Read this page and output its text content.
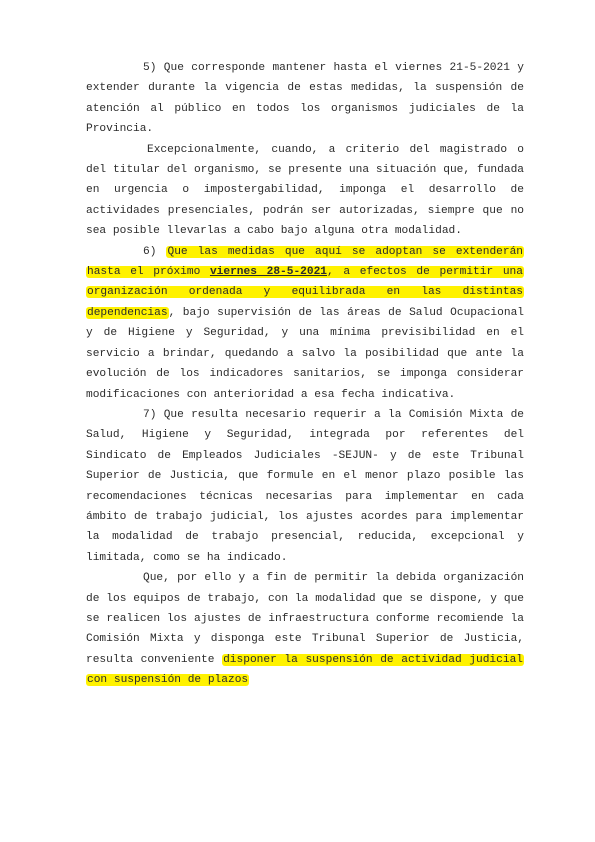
5) Que corresponde mantener hasta el viernes 21-5-2021 y extender durante la vigencia de estas medidas, la suspensión de atención al público en todos los organismos judiciales de la Provincia.

Excepcionalmente, cuando, a criterio del magistrado o del titular del organismo, se presente una situación que, fundada en urgencia o impostergabilidad, imponga el desarrollo de actividades presenciales, podrán ser autorizadas, siempre que no sea posible llevarlas a cabo bajo alguna otra modalidad.

6) Que las medidas que aquí se adoptan se extenderán hasta el próximo viernes 28-5-2021, a efectos de permitir una organización ordenada y equilibrada en las distintas dependencias, bajo supervisión de las áreas de Salud Ocupacional y de Higiene y Seguridad, y una mínima previsibilidad en el servicio a brindar, quedando a salvo la posibilidad que ante la evolución de los indicadores sanitarios, se imponga considerar modificaciones con anterioridad a esa fecha indicativa.

7) Que resulta necesario requerir a la Comisión Mixta de Salud, Higiene y Seguridad, integrada por referentes del Sindicato de Empleados Judiciales -SEJUN- y de este Tribunal Superior de Justicia, que formule en el menor plazo posible las recomendaciones técnicas necesarias para implementar en cada ámbito de trabajo judicial, los ajustes acordes para implementar la modalidad de trabajo presencial, reducida, excepcional y limitada, como se ha indicado.

Que, por ello y a fin de permitir la debida organización de los equipos de trabajo, con la modalidad que se dispone, y que se realicen los ajustes de infraestructura conforme recomiende la Comisión Mixta y disponga este Tribunal Superior de Justicia, resulta conveniente disponer la suspensión de actividad judicial con suspensión de plazos
